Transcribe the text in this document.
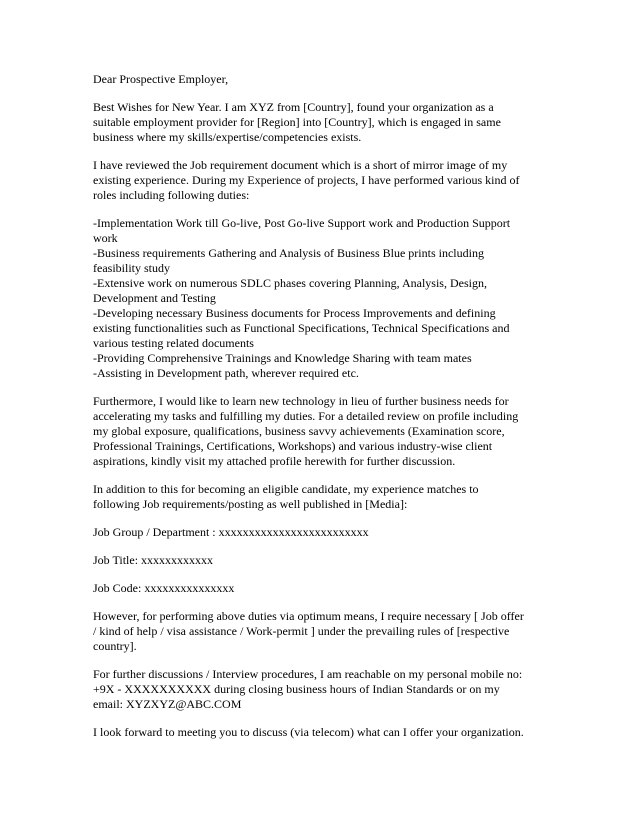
Dear Prospective Employer,

Best Wishes for New Year. I am XYZ from [Country], found your organization as a
suitable employment provider for [Region] into [Country], which is engaged in same
business where my skills/expertise/competencies exists.

I have reviewed the Job requirement document which is a short of mirror image of my
existing experience. During my Experience of projects, I have performed various kind of
roles including following duties:

-Implementation Work till Go-live, Post Go-live Support work and Production Support
work
-Business requirements Gathering and Analysis of Business Blue prints including
feasibility study
-Extensive work on numerous SDLC phases covering Planning, Analysis, Design,
Development and Testing
-Developing necessary Business documents for Process Improvements and defining
existing functionalities such as Functional Specifications, Technical Specifications and
various testing related documents
-Providing Comprehensive Trainings and Knowledge Sharing with team mates
-Assisting in Development path, wherever required etc.

Furthermore, I would like to learn new technology in lieu of further business needs for
accelerating my tasks and fulfilling my duties. For a detailed review on profile including
my global exposure, qualifications, business savvy achievements (Examination score,
Professional Trainings, Certifications, Workshops) and various industry-wise client
aspirations, kindly visit my attached profile herewith for further discussion.

In addition to this for becoming an eligible candidate, my experience matches to
following Job requirements/posting as well published in [Media]:

Job Group / Department : xxxxxxxxxxxxxxxxxxxxxxxxx

Job Title: xxxxxxxxxxxx

Job Code: xxxxxxxxxxxxxxx

However, for performing above duties via optimum means, I require necessary [ Job offer
/ kind of help / visa assistance / Work-permit ] under the prevailing rules of [respective
country].

For further discussions / Interview procedures, I am reachable on my personal mobile no:
+9X - XXXXXXXXXX during closing business hours of Indian Standards or on my
email: XYZXYZ@ABC.COM

I look forward to meeting you to discuss (via telecom) what can I offer your organization.
